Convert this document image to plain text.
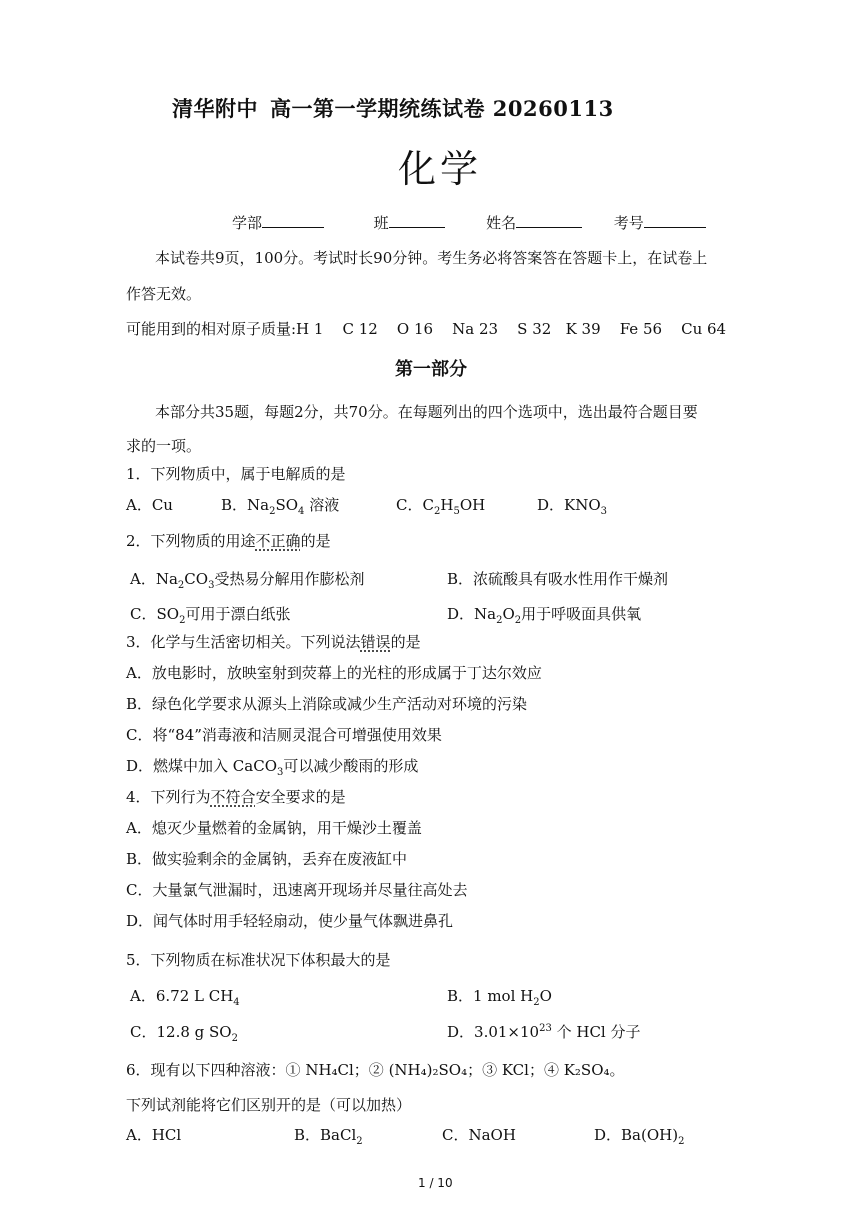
清华附中 高一第一学期统练试卷 20260113
化学
学部	班	姓名	考号
本试卷共9页，100分。考试时长90分钟。考生务必将答案答在答题卡上，在试卷上
作答无效。
可能用到的相对原子质量:H 1    C 12    O 16    Na 23    S 32   K 39    Fe 56    Cu 64
第一部分
本部分共35题，每题2分，共70分。在每题列出的四个选项中，选出最符合题目要
求的一项。
1．下列物质中，属于电解质的是
A．Cu	B．$Na_2SO_4$ 溶液	C．$C_2H_5OH$	D．$KNO_3$
2．下列物质的用途不正确的是
A．$Na_2CO_3$受热易分解用作膨松剂	B．浓硫酸具有吸水性用作干燥剂
C．$SO_2$可用于漂白纸张	D．$Na_2O_2$用于呼吸面具供氧
3．化学与生活密切相关。下列说法错误的是
A．放电影时，放映室射到荧幕上的光柱的形成属于丁达尔效应
B．绿色化学要求从源头上消除或减少生产活动对环境的污染
C．将“84”消毒液和洁厕灵混合可增强使用效果
D．燃煤中加入 CaCO$_3$可以减少酸雨的形成
4．下列行为不符合安全要求的是
A．熄灭少量燃着的金属钠，用干燥沙土覆盖
B．做实验剩余的金属钠，丢弃在废液缸中
C．大量氯气泄漏时，迅速离开现场并尽量往高处去
D．闻气体时用手轻轻扇动，使少量气体飘进鼻孔
5．下列物质在标准状况下体积最大的是
A．6.72 L $CH_4$	B．1 mol $H_2O$
C．12.8 g $SO_2$	D．$3.01\times 10^{23}$ 个 HCl 分子
6．现有以下四种溶液：① NH₄Cl；② (NH₄)₂SO₄；③ KCl；④ K₂SO₄。
下列试剂能将它们区别开的是（可以加热）
A．HCl	B．BaCl$_2$	C．NaOH	D．$Ba(OH)_2$
1 / 10
